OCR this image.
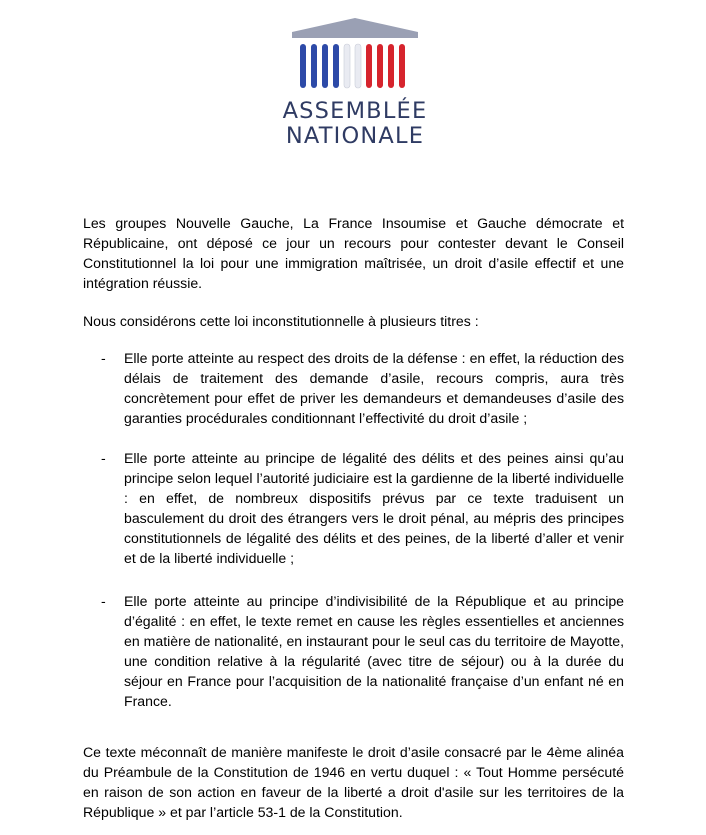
ASSEMBLÉE
NATIONALE

Les groupes Nouvelle Gauche, La France Insoumise et Gauche démocrate et Républicaine, ont déposé ce jour un recours pour contester devant le Conseil Constitutionnel la loi pour une immigration maîtrisée, un droit d’asile effectif et une intégration réussie.

Nous considérons cette loi inconstitutionnelle à plusieurs titres :

- Elle porte atteinte au respect des droits de la défense : en effet, la réduction des délais de traitement des demande d’asile, recours compris, aura très concrètement pour effet de priver les demandeurs et demandeuses d’asile des garanties procédurales conditionnant l’effectivité du droit d’asile ;

- Elle porte atteinte au principe de légalité des délits et des peines ainsi qu’au principe selon lequel l’autorité judiciaire est la gardienne de la liberté individuelle : en effet, de nombreux dispositifs prévus par ce texte traduisent un basculement du droit des étrangers vers le droit pénal, au mépris des principes constitutionnels de légalité des délits et des peines, de la liberté d’aller et venir et de la liberté individuelle ;

- Elle porte atteinte au principe d’indivisibilité de la République et au principe d’égalité : en effet, le texte remet en cause les règles essentielles et anciennes en matière de nationalité, en instaurant pour le seul cas du territoire de Mayotte, une condition relative à la régularité (avec titre de séjour) ou à la durée du séjour en France pour l’acquisition de la nationalité française d’un enfant né en France.

Ce texte méconnaît de manière manifeste le droit d’asile consacré par le 4ème alinéa du Préambule de la Constitution de 1946 en vertu duquel : « Tout Homme persécuté en raison de son action en faveur de la liberté a droit d'asile sur les territoires de la République » et par l’article 53-1 de la Constitution.
